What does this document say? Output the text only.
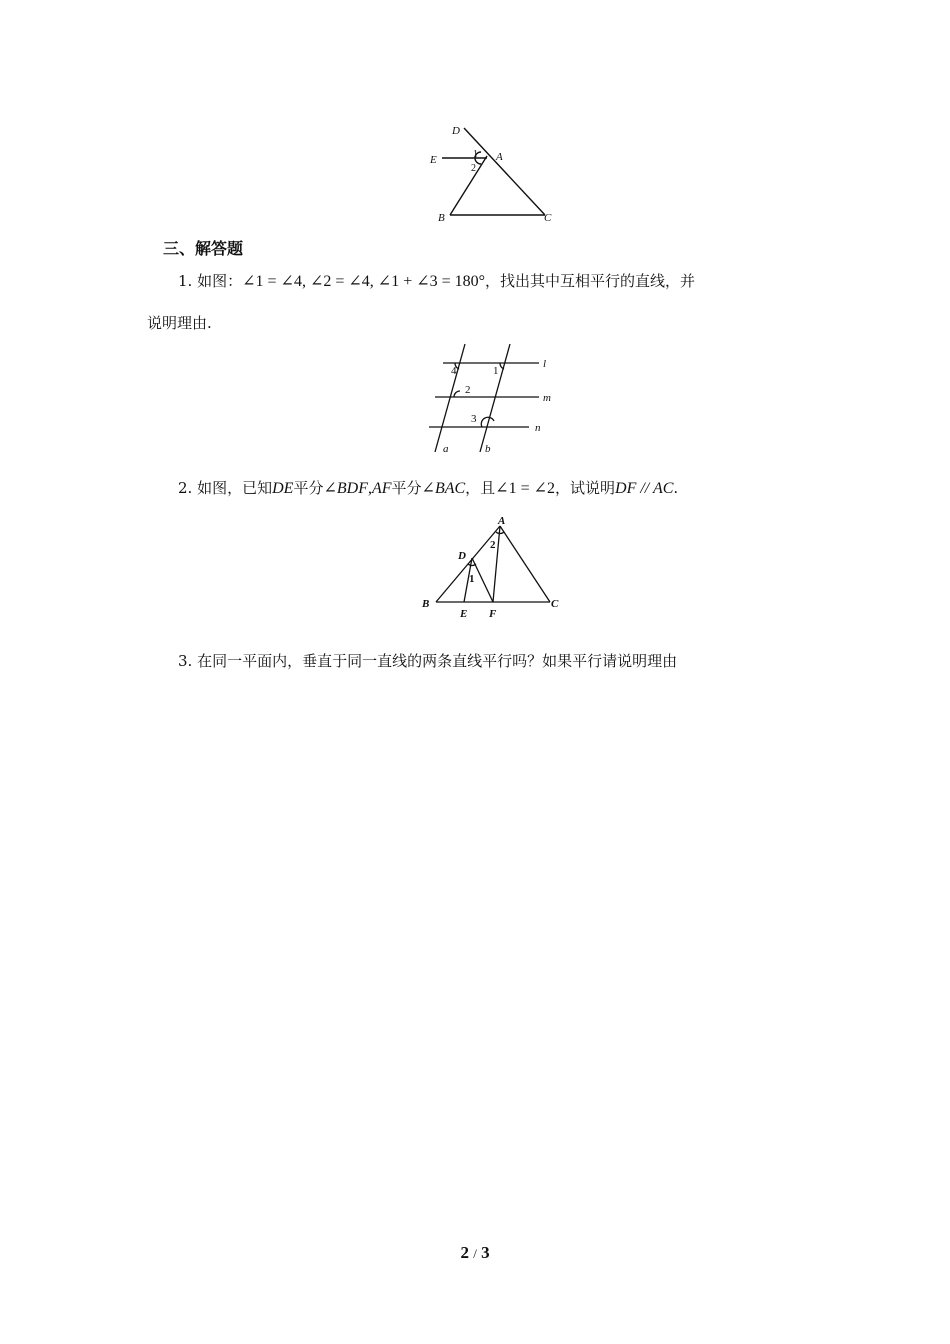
D
E	A
B	C
1
2
三、解答题
1. 如图：∠1 = ∠4, ∠2 = ∠4, ∠1 + ∠3 = 180°，找出其中互相平行的直线，并
说明理由.
4	1
2
3
l
m
n
a	b
2. 如图，已知DE平分∠BDF,AF平分∠BAC，且∠1 = ∠2，试说明DF // AC.
A
D
B	C
E F
1
2
3. 在同一平面内，垂直于同一直线的两条直线平行吗？如果平行请说明理由
2 / 3
